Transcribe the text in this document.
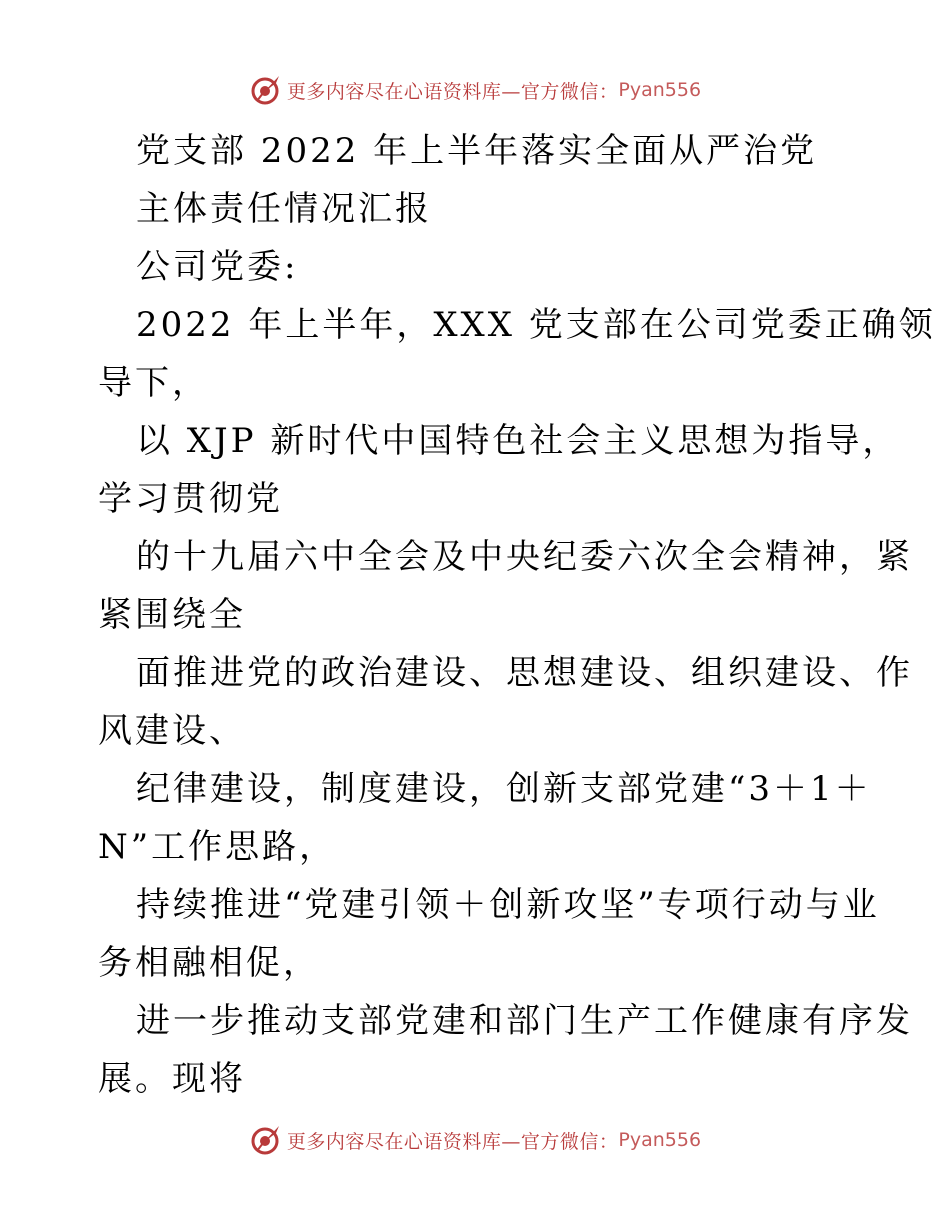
更多内容尽在心语资料库—官方微信： Pyan556
党支部 2022 年上半年落实全面从严治党
主体责任情况汇报
公司党委:
2022 年上半年，XXX 党支部在公司党委正确领
导下，
以 XJP 新时代中国特色社会主义思想为指导，
学习贯彻党
的十九届六中全会及中央纪委六次全会精神，紧
紧围绕全
面推进党的政治建设、思想建设、组织建设、作
风建设、
纪律建设，制度建设，创新支部党建“3＋1＋
N”工作思路，
持续推进“党建引领＋创新攻坚”专项行动与业
务相融相促，
进一步推动支部党建和部门生产工作健康有序发
展。现将
更多内容尽在心语资料库—官方微信： Pyan556
